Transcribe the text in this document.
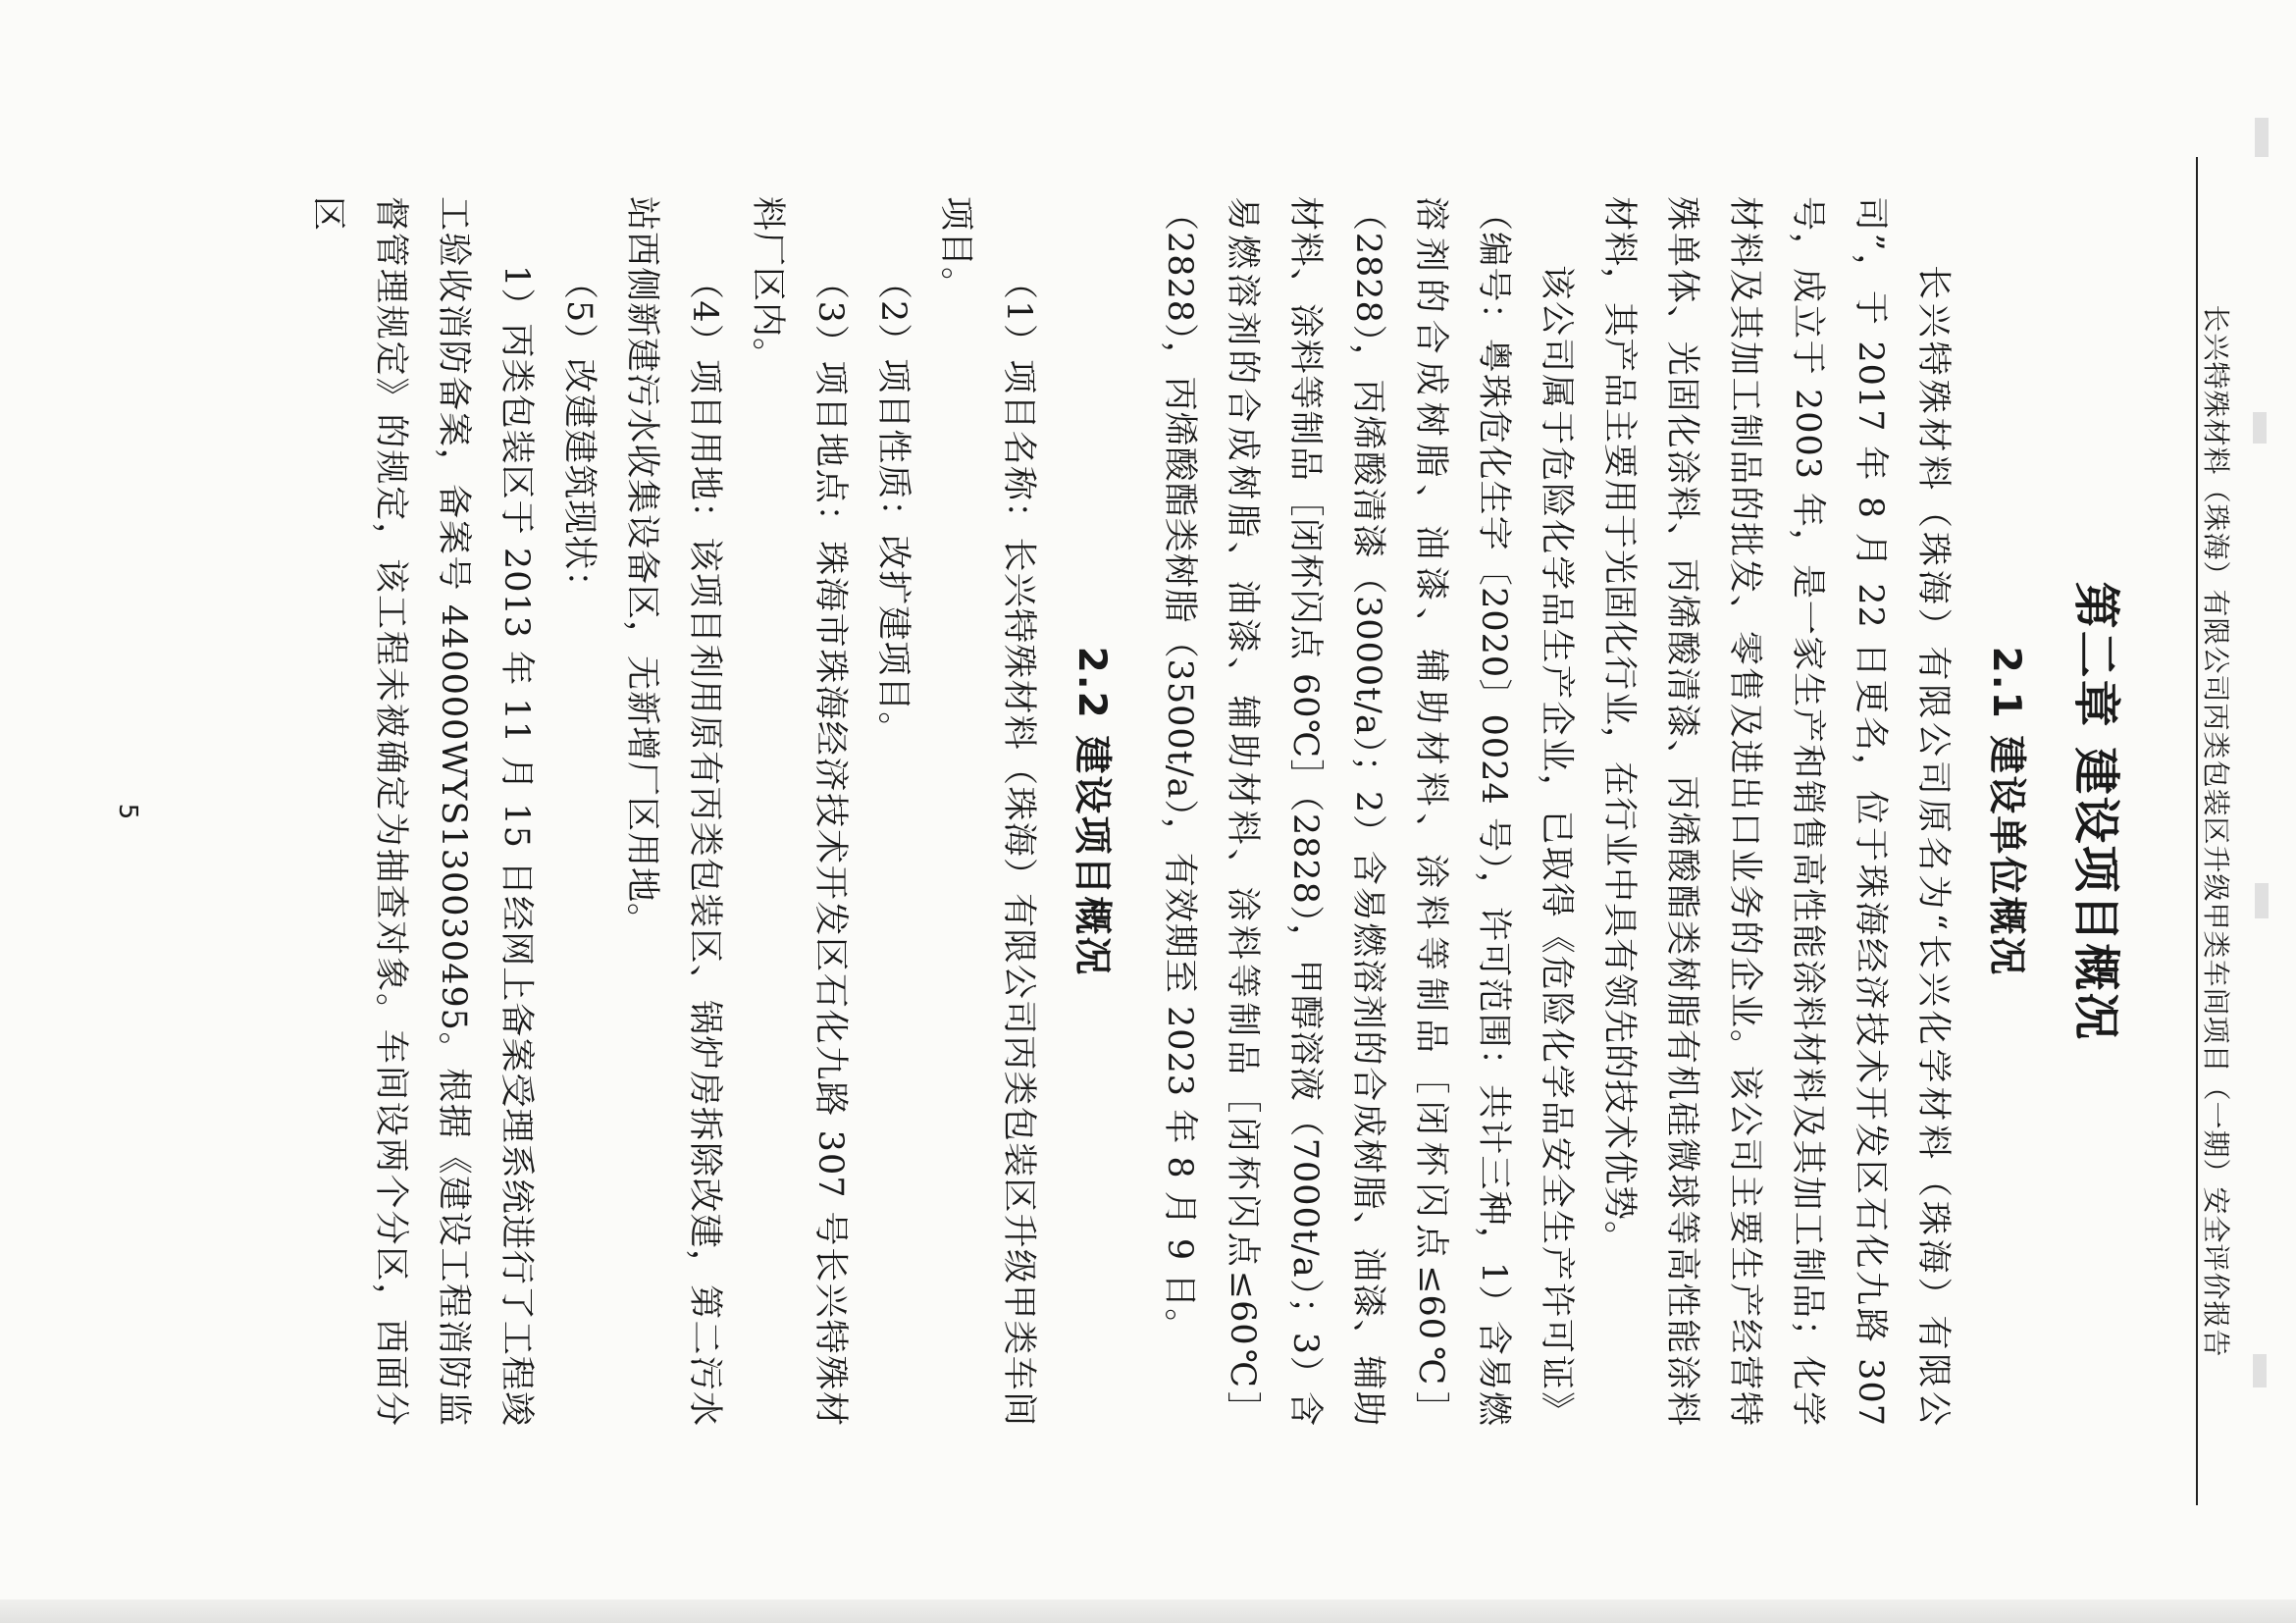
长兴特殊材料（珠海）有限公司丙类包装区升级甲类车间项目（一期）安全评价报告
第二章 建设项目概况
2.1 建设单位概况

长兴特殊材料（珠海）有限公司原名为“长兴化学材料（珠海）有限公司”，于 2017 年 8 月 22 日更名，位于珠海经济技术开发区石化九路 307 号，成立于 2003 年，是一家生产和销售高性能涂料材料及其加工制品；化学材料及其加工制品的批发、零售及进出口业务的企业。该公司主要生产经营特殊单体、光固化涂料、丙烯酸清漆、丙烯酸酯类树脂有机硅微球等高性能涂料材料，其产品主要用于光固化行业，在行业中具有领先的技术优势。

该公司属于危险化学品生产企业，已取得《危险化学品安全生产许可证》（编号：粤珠危化生字〔2020〕0024 号），许可范围：共计三种，1）含易燃溶剂的合成树脂、油漆、辅助材料、涂料等制品［闭杯闪点≤60℃］（2828），丙烯酸清漆（3000t/a）；2）含易燃溶剂的合成树脂、油漆、辅助材料、涂料等制品［闭杯闪点 60℃］（2828），甲醇溶液（7000t/a）；3）含易燃溶剂的合成树脂、油漆、辅助材料、涂料等制品［闭杯闪点≤60℃］（2828），丙烯酸酯类树脂（3500t/a），有效期至 2023 年 8 月 9 日。

2.2 建设项目概况

（1）项目名称：长兴特殊材料（珠海）有限公司丙类包装区升级甲类车间项目。

（2）项目性质：改扩建项目。

（3）项目地点：珠海市珠海经济技术开发区石化九路 307 号长兴特殊材料厂区内。

（4）项目用地：该项目利用原有丙类包装区、锅炉房拆除改建，第二污水站西侧新建污水收集设备区，无新增厂区用地。

（5）改建建筑现状：

1）丙类包装区于 2013 年 11 月 15 日经网上备案受理系统进行了工程竣工验收消防备案，备案号 440000WYS130030495。根据《建设工程消防监督管理规定》的规定，该工程未被确定为抽查对象。车间设两个分区，西面分区

5
